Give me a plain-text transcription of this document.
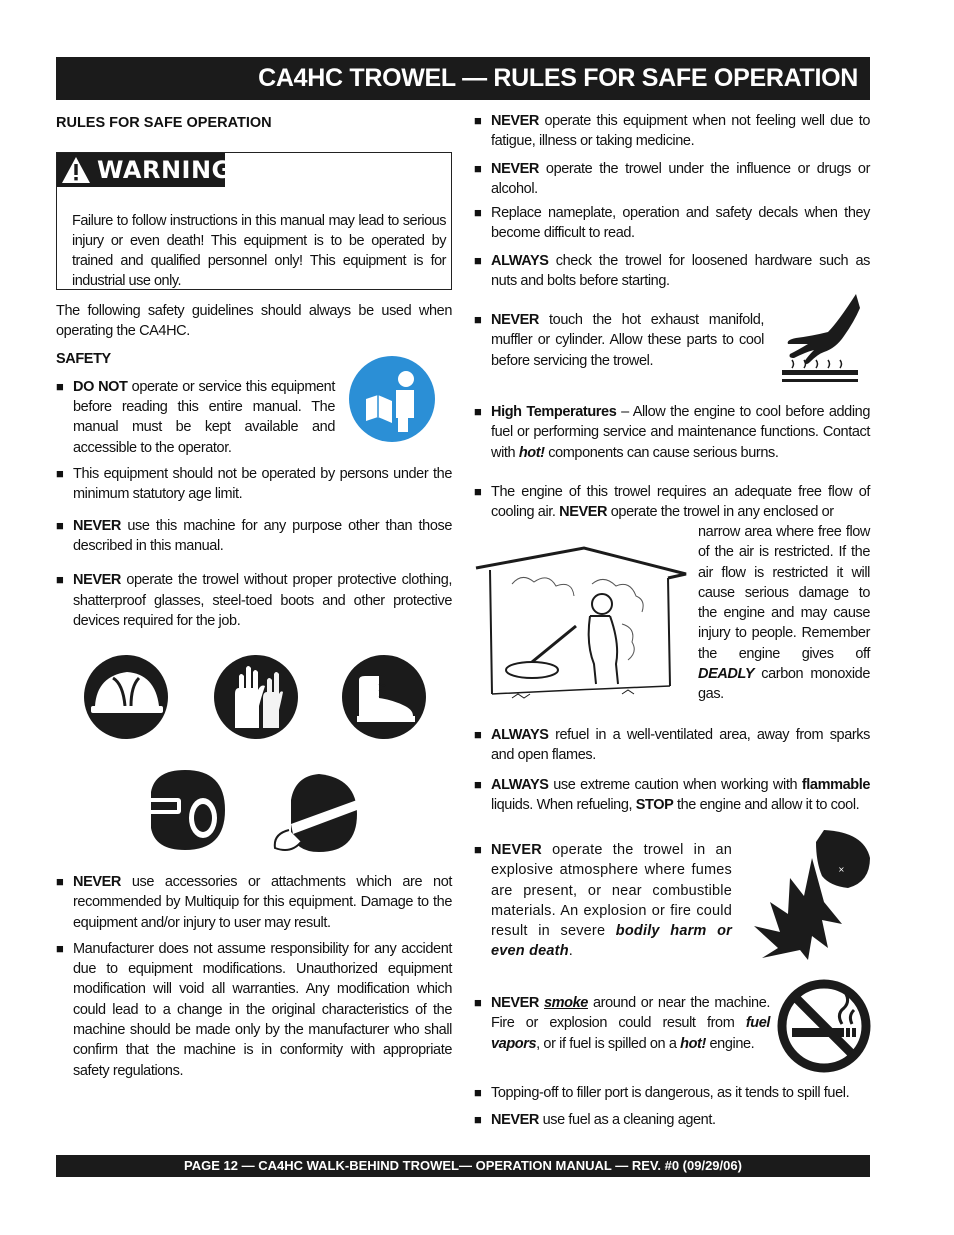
CA4HC TROWEL — RULES FOR SAFE OPERATION

RULES FOR SAFE OPERATION

WARNING

Failure to follow instructions in this manual may lead to serious injury or even death! This equipment is to be operated by trained and qualified personnel only! This equipment is for industrial use only.

The following safety guidelines should always be used when operating the CA4HC.

SAFETY

■ DO NOT operate or service this equipment before reading this entire manual. The manual must be kept available and accessible to the operator.

■ This equipment should not be operated by persons under the minimum statutory age limit.

■ NEVER use this machine for any purpose other than those described in this manual.

■ NEVER operate the trowel without proper protective clothing, shatterproof glasses, steel-toed boots and other protective devices required for the job.

■ NEVER use accessories or attachments which are not recommended by Multiquip for this equipment. Damage to the equipment and/or injury to user may result.

■ Manufacturer does not assume responsibility for any accident due to equipment modifications. Unauthorized equipment modification will void all warranties. Any modification which could lead to a change in the original characteristics of the machine should be made only by the manufacturer who shall confirm that the machine is in conformity with appropriate safety regulations.

■ NEVER operate this equipment when not feeling well due to fatigue, illness or taking medicine.

■ NEVER operate the trowel under the influence or drugs or alcohol.

■ Replace nameplate, operation and safety decals when they become difficult to read.

■ ALWAYS check the trowel for loosened hardware such as nuts and bolts before starting.

■ NEVER touch the hot exhaust manifold, muffler or cylinder. Allow these parts to cool before servicing the trowel.

■ High Temperatures – Allow the engine to cool before adding fuel or performing service and maintenance functions. Contact with hot! components can cause serious burns.

■ The engine of this trowel requires an adequate free flow of cooling air. NEVER operate the trowel in any enclosed or

narrow area where free flow of the air is restricted. If the air flow is restricted it will cause serious damage to the engine and may cause injury to people. Remember the engine gives off DEADLY carbon monoxide gas.

■ ALWAYS refuel in a well-ventilated area, away from sparks and open flames.

■ ALWAYS use extreme caution when working with flammable liquids. When refueling, STOP the engine and allow it to cool.

■ NEVER operate the trowel in an explosive atmosphere where fumes are present, or near combustible materials. An explosion or fire could result in severe bodily harm or even death.

×

■ NEVER smoke around or near the machine. Fire or explosion could result from fuel vapors, or if fuel is spilled on a hot! engine.

■ Topping-off to filler port is dangerous, as it tends to spill fuel.

■ NEVER use fuel as a cleaning agent.

PAGE 12 — CA4HC WALK-BEHIND TROWEL— OPERATION MANUAL — REV. #0 (09/29/06)
